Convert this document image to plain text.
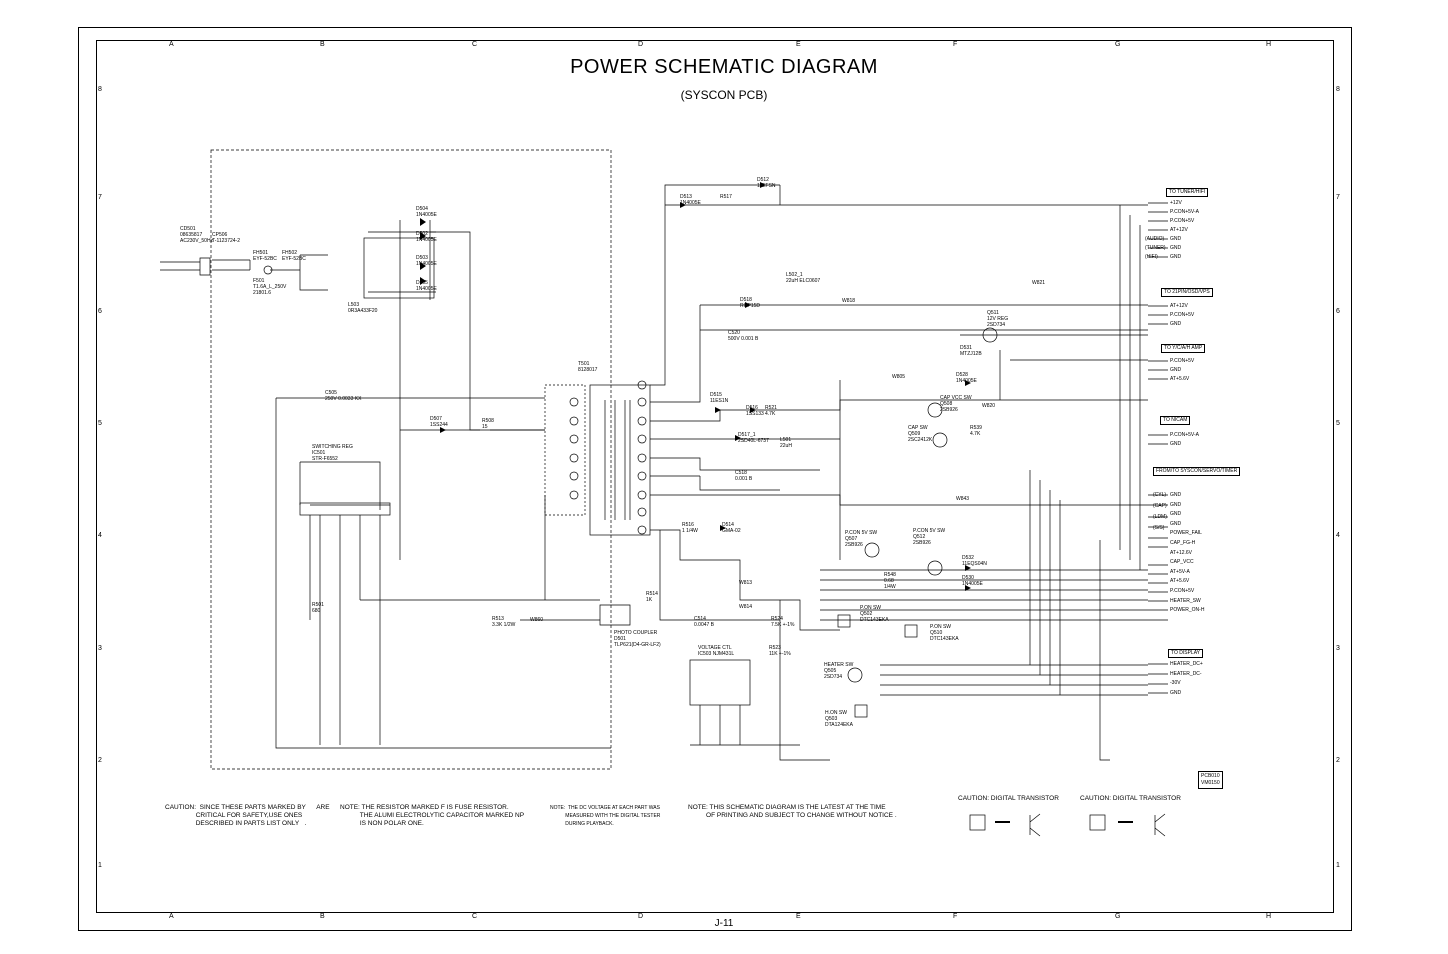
POWER SCHEMATIC DIAGRAM
(SYSCON PCB)
A	B	C	D	E	F	G	H
A	B	C	D	E	F	G	H
8
7
6
5
4
3
2
1
8
7
6
5
4
3
2
1
CD501
08635817
AC230V_50Hz
CP506
T-1123724-2
FH501
EYF-52BC
FH502
EYF-52BC
F501
T1.6A_L_250V
21801.6
L503
0R3A433F20
D504
1N4005E
D502
1N4005E
D503
1N4005E
D505
1N4005E
T501
8128017
SWITCHING REG
IC501
STR-F6552
C505
250V 0.0033 KX
D507
1SS244
R508
15
D512
11EFSN
D513
1N4005E
R517
L502_1
22uH ELC0607
D518
RGP15D
C520
500V 0.001 B
W818
W821
Q511
12V REG
2SD734
D531
MTZJ12B
D515
11ES1N
D516
1SS133
R521
4.7K
D517_1
2SD40L-6737 L501
22uH
C518
0.001 B
W805	D528
1N4005E
CAP VCC SW
Q508
2SB926
W820
CAP SW
Q509
2SC2412K
R539
4.7K
W843
R516
1 1/4W
D514
GMA-02	P.CON 5V SW
Q507
2SB926
P.CON 5V SW
Q512
2SB926
D532
11EQS04N
D530
1N4005E
R548
0.68
1/4W
P.ON SW
Q502
DTC143EKA
P.ON SW
Q510
DTC143EKA
R514
1K
W813
W814
C514
0.0047 B
R524
7.5K +-1%
R523
11K +-1%
R513
3.3K 1/2W
W860
PHOTO COUPLER
D501
TLP621(D4-GR-LF2)	VOLTAGE CTL
IC503 NJM431L
R501
680
HEATER SW
Q505
2SD734
H.ON SW
Q503
DTA124EKA
TO TUNER/HIFI
TO 21PIN/OSD/VPS
TO Y/C/A/H AMP
TO NICAM
FROM/TO SYSCON/SERVO/TIMER
TO DISPLAY
+12V
P.CON+5V-A
P.CON+5V
AT+12V
GND
GND
GND
(AUDIO)
(TUNER)
(HIFI)
AT+12V
P.CON+5V
GND
P.CON+5V
GND
AT+5.6V
P.CON+5V-A
GND
GND
GND
GND
GND
POWER_FAIL
CAP_FG-H
AT+12.6V
CAP_VCC
AT+5V-A
AT+5.6V
P.CON+5V
HEATER_SW
POWER_ON-H
(CYL)
(CAP)
(LDM)
(S/S)
HEATER_DC+
HEATER_DC-
-30V
GND
CAUTION:  SINCE THESE PARTS MARKED BY      ARE
CRITICAL FOR SAFETY,USE ONES
DESCRIBED IN PARTS LIST ONLY   .
NOTE: THE RESISTOR MARKED F IS FUSE RESISTOR.
THE ALUMI ELECTROLYTIC CAPACITOR MARKED NP
IS NON POLAR ONE.
NOTE:  THE DC VOLTAGE AT EACH PART WAS
MEASURED WITH THE DIGITAL TESTER
DURING PLAYBACK.
NOTE: THIS SCHEMATIC DIAGRAM IS THE LATEST AT THE TIME
OF PRINTING AND SUBJECT TO CHANGE WITHOUT NOTICE .
CAUTION: DIGITAL TRANSISTOR	CAUTION: DIGITAL TRANSISTOR
PCB010
VM0150
J-11
